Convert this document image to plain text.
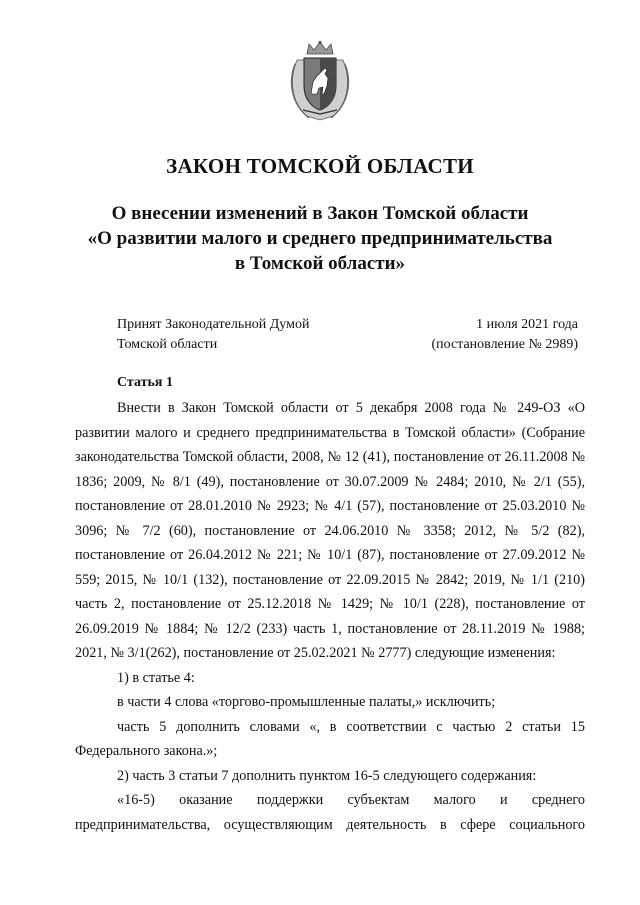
ЗАКОН ТОМСКОЙ ОБЛАСТИ
О внесении изменений в Закон Томской области
«О развитии малого и среднего предпринимательства
в Томской области»
Принят Законодательной Думой
Томской области
1 июля 2021 года
(постановление № 2989)
Статья 1

Внести в Закон Томской области от 5 декабря 2008 года № 249-ОЗ «О развитии малого и среднего предпринимательства в Томской области» (Собрание законодательства Томской области, 2008, № 12 (41), постановление от 26.11.2008 № 1836; 2009, № 8/1 (49), постановление от 30.07.2009 № 2484; 2010, № 2/1 (55), постановление от 28.01.2010 № 2923; № 4/1 (57), постановление от 25.03.2010 № 3096; № 7/2 (60), постановление от 24.06.2010 № 3358; 2012, № 5/2 (82), постановление от 26.04.2012 № 221; № 10/1 (87), постановление от 27.09.2012 № 559; 2015, № 10/1 (132), постановление от 22.09.2015 № 2842; 2019, № 1/1 (210) часть 2, постановление от 25.12.2018 № 1429; № 10/1 (228), постановление от 26.09.2019 № 1884; № 12/2 (233) часть 1, постановление от 28.11.2019 № 1988; 2021, № 3/1(262), постановление от 25.02.2021 № 2777) следующие изменения:

1) в статье 4:

в части 4 слова «торгово-промышленные палаты,» исключить;

часть 5 дополнить словами «, в соответствии с частью 2 статьи 15 Федерального закона.»;

2) часть 3 статьи 7 дополнить пунктом 16-5 следующего содержания:

«16-5) оказание поддержки субъектам малого и среднего предпринимательства, осуществляющим деятельность в сфере социального
